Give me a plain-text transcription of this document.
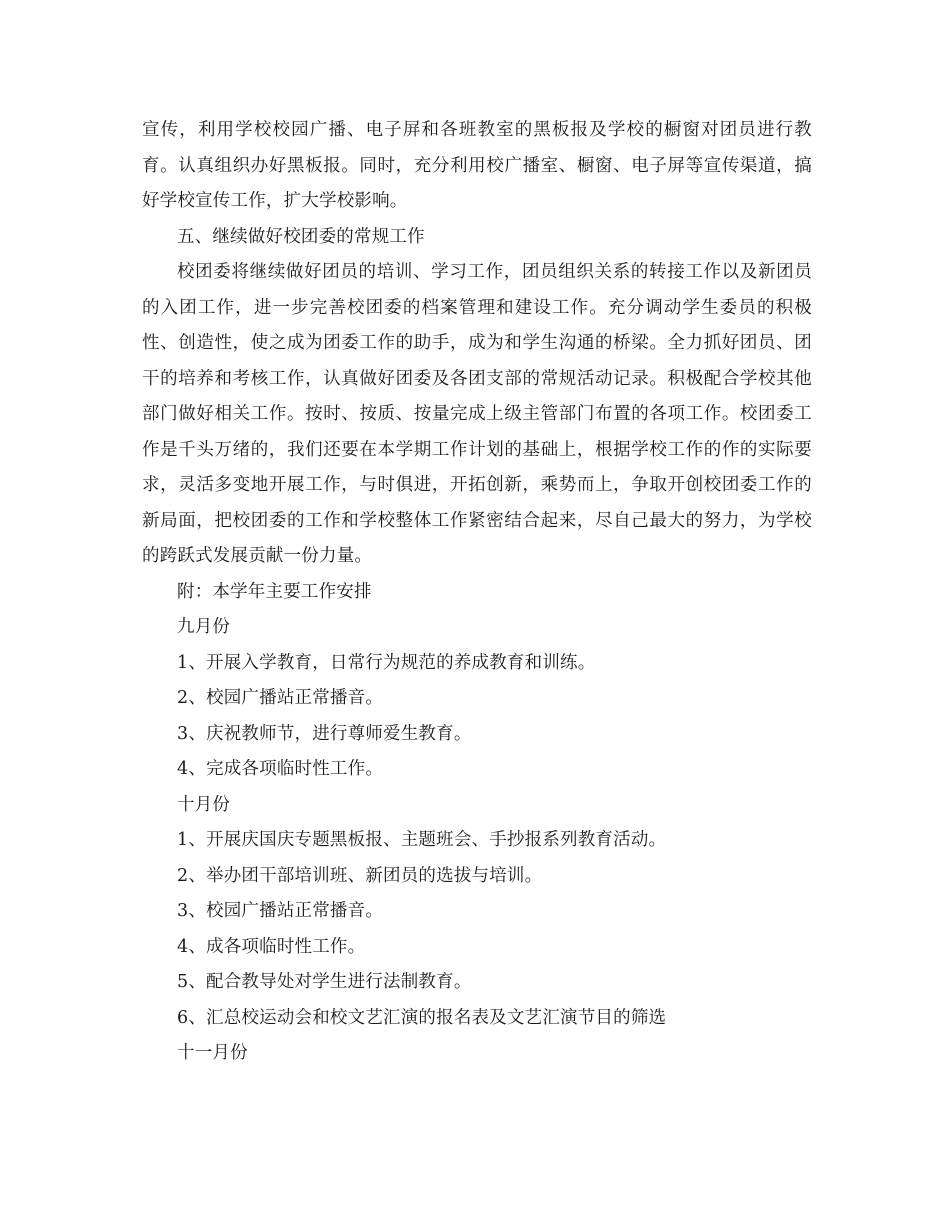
宣传，利用学校校园广播、电子屏和各班教室的黑板报及学校的橱窗对团员进行教育。认真组织办好黑板报。同时，充分利用校广播室、橱窗、电子屏等宣传渠道，搞好学校宣传工作，扩大学校影响。

五、继续做好校团委的常规工作

校团委将继续做好团员的培训、学习工作，团员组织关系的转接工作以及新团员的入团工作，进一步完善校团委的档案管理和建设工作。充分调动学生委员的积极性、创造性，使之成为团委工作的助手，成为和学生沟通的桥梁。全力抓好团员、团干的培养和考核工作，认真做好团委及各团支部的常规活动记录。积极配合学校其他部门做好相关工作。按时、按质、按量完成上级主管部门布置的各项工作。校团委工作是千头万绪的，我们还要在本学期工作计划的基础上，根据学校工作的作的实际要求，灵活多变地开展工作，与时俱进，开拓创新，乘势而上，争取开创校团委工作的新局面，把校团委的工作和学校整体工作紧密结合起来，尽自己最大的努力，为学校的跨跃式发展贡献一份力量。

附：本学年主要工作安排

九月份

1、开展入学教育，日常行为规范的养成教育和训练。

2、校园广播站正常播音。

3、庆祝教师节，进行尊师爱生教育。

4、完成各项临时性工作。

十月份

1、开展庆国庆专题黑板报、主题班会、手抄报系列教育活动。

2、举办团干部培训班、新团员的选拔与培训。

3、校园广播站正常播音。

4、成各项临时性工作。

5、配合教导处对学生进行法制教育。

6、汇总校运动会和校文艺汇演的报名表及文艺汇演节目的筛选

十一月份
